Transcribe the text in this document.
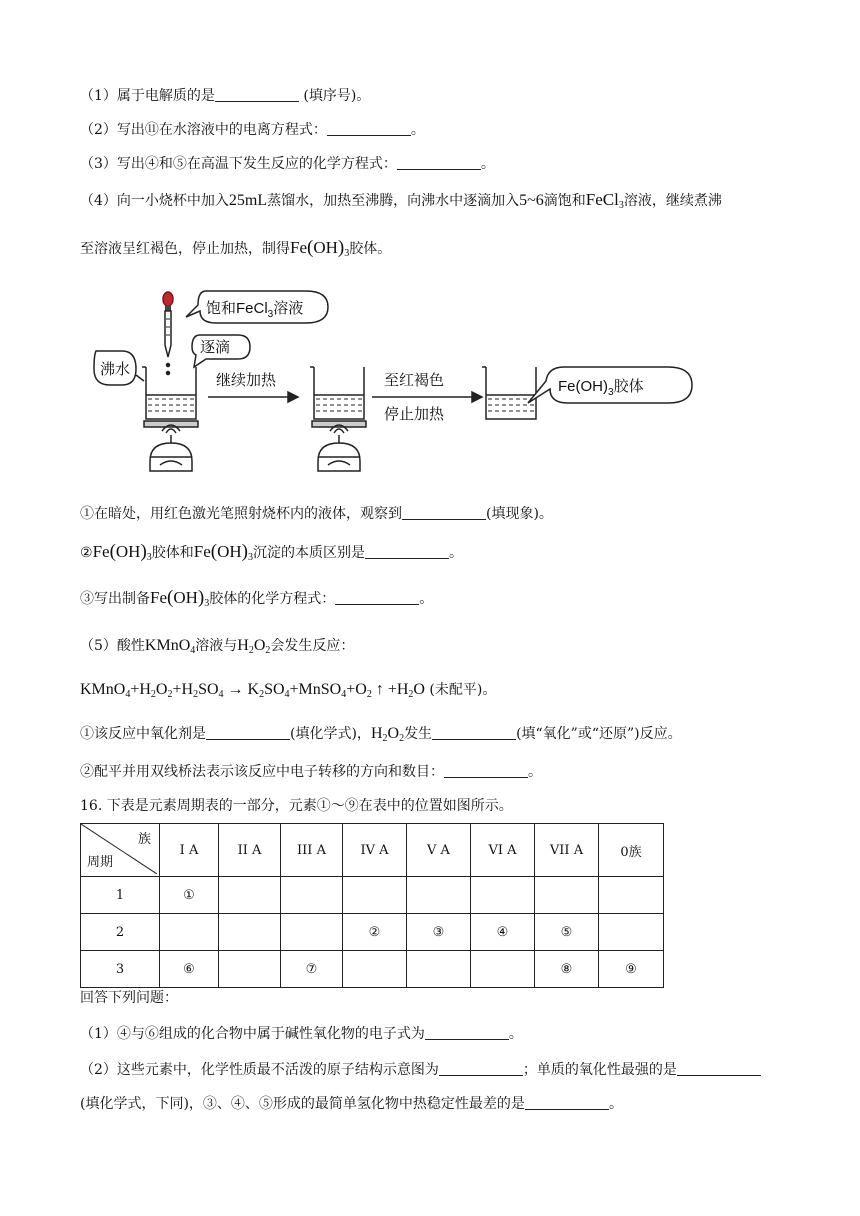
（1）属于电解质的是	(填序号)。
（2）写出⑪在水溶液中的电离方程式：	。
（3）写出④和⑤在高温下发生反应的化学方程式：	。
（4）向一小烧杯中加入25mL蒸馏水，加热至沸腾，向沸水中逐滴加入5~6滴饱和FeCl$_3$溶液，继续煮沸
至溶液呈红褐色，停止加热，制得$Fe(OH)_3$胶体。
饱和FeCl$_3$溶液
逐滴
沸水
继续加热	至红褐色
停止加热
$Fe(OH)_3$胶体
①在暗处，用红色激光笔照射烧杯内的液体，观察到	(填现象)。
$②Fe(OH)_3$胶体和$Fe(OH)_3$沉淀的本质区别是	。
③写出制备$Fe(OH)_3$胶体的化学方程式：	。
（5）酸性KMnO$_4$溶液与$H_2O_2$会发生反应：
$KMnO_4+H_2O_2+H_2SO_4$ → $K_2SO_4+MnSO_4+O_2$ ↑ $+H_2O$ (未配平)。
①该反应中氧化剂是	(填化学式)，$H_2O_2$发生	(填“氧化”或“还原”)反应。
②配平并用双线桥法表示该反应中电子转移的方向和数目：	。
16. 下表是元素周期表的一部分，元素①～⑨在表中的位置如图所示。
族
周期	I A	II A	III A	IV A	V A	VI A	VII A	0族
1	①							
2				②	③	④	⑤	
3	⑥		⑦				⑧	⑨
回答下列问题：
（1）④与⑥组成的化合物中属于碱性氧化物的电子式为	。
（2）这些元素中，化学性质最不活泼的原子结构示意图为	；单质的氧化性最强的是
(填化学式，下同)，③、④、⑤形成的最简单氢化物中热稳定性最差的是	。
